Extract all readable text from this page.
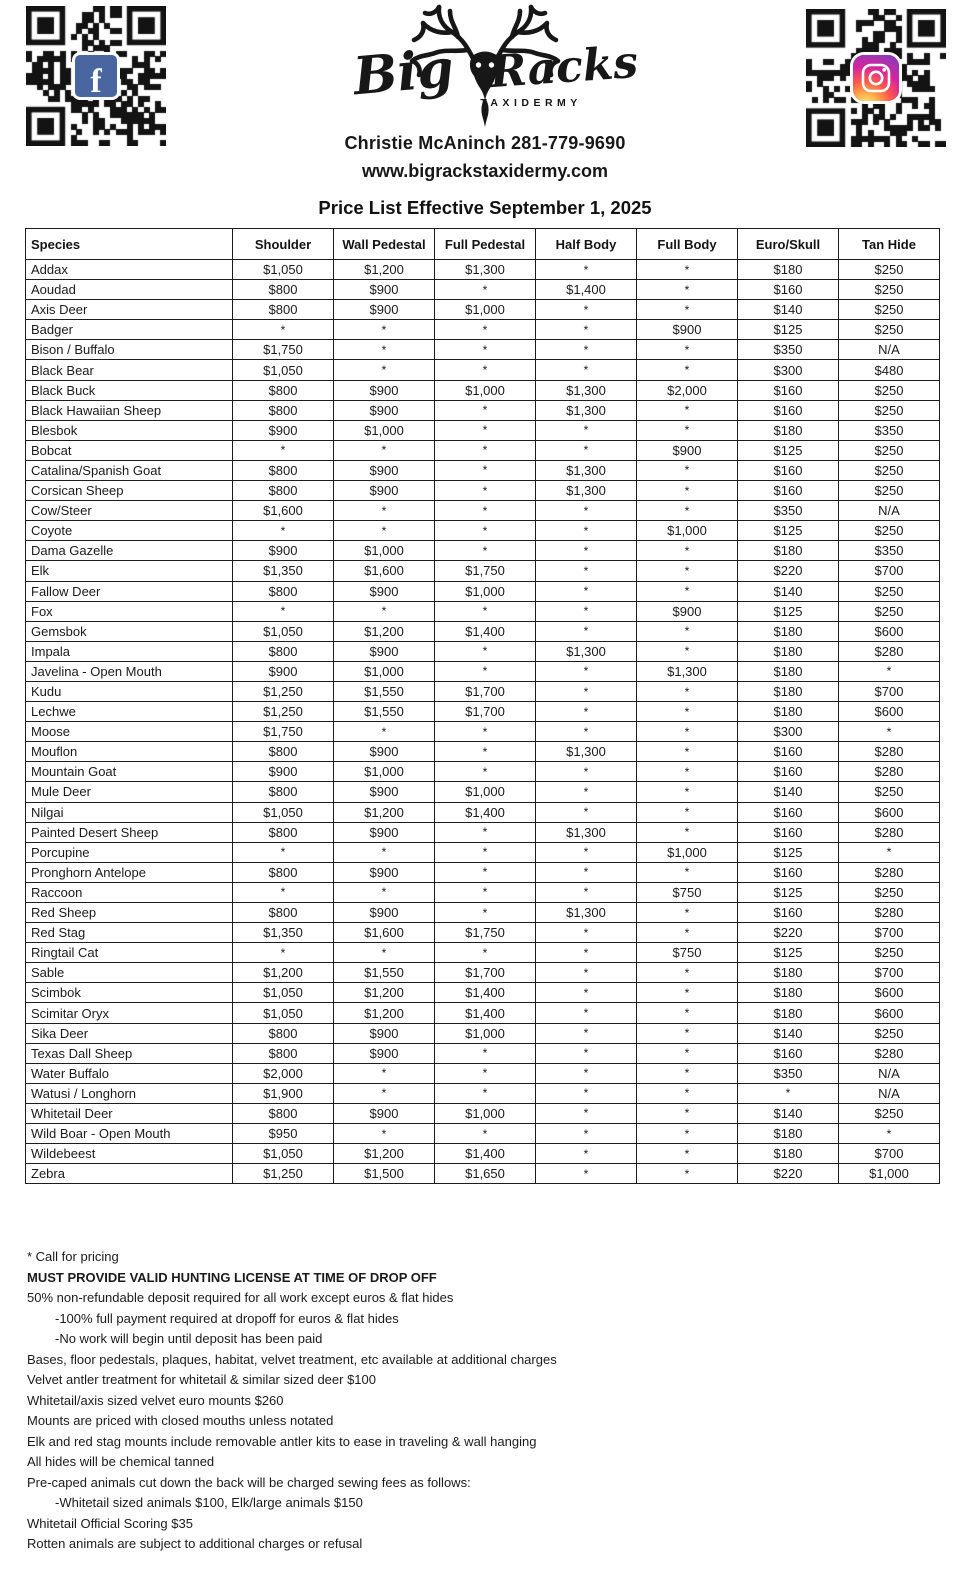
f	Big Racks
TAXIDERMY
Christie McAninch 281-779-9690
www.bigrackstaxidermy.com
Price List Effective September 1, 2025
Species	Shoulder	Wall Pedestal	Full Pedestal	Half Body	Full Body	Euro/Skull	Tan Hide
Addax	$1,050	$1,200	$1,300	*	*	$180	$250
Aoudad	$800	$900	*	$1,400	*	$160	$250
Axis Deer	$800	$900	$1,000	*	*	$140	$250
Badger	*	*	*	*	$900	$125	$250
Bison / Buffalo	$1,750	*	*	*	*	$350	N/A
Black Bear	$1,050	*	*	*	*	$300	$480
Black Buck	$800	$900	$1,000	$1,300	$2,000	$160	$250
Black Hawaiian Sheep	$800	$900	*	$1,300	*	$160	$250
Blesbok	$900	$1,000	*	*	*	$180	$350
Bobcat	*	*	*	*	$900	$125	$250
Catalina/Spanish Goat	$800	$900	*	$1,300	*	$160	$250
Corsican Sheep	$800	$900	*	$1,300	*	$160	$250
Cow/Steer	$1,600	*	*	*	*	$350	N/A
Coyote	*	*	*	*	$1,000	$125	$250
Dama Gazelle	$900	$1,000	*	*	*	$180	$350
Elk	$1,350	$1,600	$1,750	*	*	$220	$700
Fallow Deer	$800	$900	$1,000	*	*	$140	$250
Fox	*	*	*	*	$900	$125	$250
Gemsbok	$1,050	$1,200	$1,400	*	*	$180	$600
Impala	$800	$900	*	$1,300	*	$180	$280
Javelina - Open Mouth	$900	$1,000	*	*	$1,300	$180	*
Kudu	$1,250	$1,550	$1,700	*	*	$180	$700
Lechwe	$1,250	$1,550	$1,700	*	*	$180	$600
Moose	$1,750	*	*	*	*	$300	*
Mouflon	$800	$900	*	$1,300	*	$160	$280
Mountain Goat	$900	$1,000	*	*	*	$160	$280
Mule Deer	$800	$900	$1,000	*	*	$140	$250
Nilgai	$1,050	$1,200	$1,400	*	*	$160	$600
Painted Desert Sheep	$800	$900	*	$1,300	*	$160	$280
Porcupine	*	*	*	*	$1,000	$125	*
Pronghorn Antelope	$800	$900	*	*	*	$160	$280
Raccoon	*	*	*	*	$750	$125	$250
Red Sheep	$800	$900	*	$1,300	*	$160	$280
Red Stag	$1,350	$1,600	$1,750	*	*	$220	$700
Ringtail Cat	*	*	*	*	$750	$125	$250
Sable	$1,200	$1,550	$1,700	*	*	$180	$700
Scimbok	$1,050	$1,200	$1,400	*	*	$180	$600
Scimitar Oryx	$1,050	$1,200	$1,400	*	*	$180	$600
Sika Deer	$800	$900	$1,000	*	*	$140	$250
Texas Dall Sheep	$800	$900	*	*	*	$160	$280
Water Buffalo	$2,000	*	*	*	*	$350	N/A
Watusi / Longhorn	$1,900	*	*	*	*	*	N/A
Whitetail Deer	$800	$900	$1,000	*	*	$140	$250
Wild Boar - Open Mouth	$950	*	*	*	*	$180	*
Wildebeest	$1,050	$1,200	$1,400	*	*	$180	$700
Zebra	$1,250	$1,500	$1,650	*	*	$220	$1,000
* Call for pricing
MUST PROVIDE VALID HUNTING LICENSE AT TIME OF DROP OFF
50% non-refundable deposit required for all work except euros & flat hides
-100% full payment required at dropoff for euros & flat hides
-No work will begin until deposit has been paid
Bases, floor pedestals, plaques, habitat, velvet treatment, etc available at additional charges
Velvet antler treatment for whitetail & similar sized deer $100
Whitetail/axis sized velvet euro mounts $260
Mounts are priced with closed mouths unless notated
Elk and red stag mounts include removable antler kits to ease in traveling & wall hanging
All hides will be chemical tanned
Pre-caped animals cut down the back will be charged sewing fees as follows:
-Whitetail sized animals $100, Elk/large animals $150
Whitetail Official Scoring $35
Rotten animals are subject to additional charges or refusal
